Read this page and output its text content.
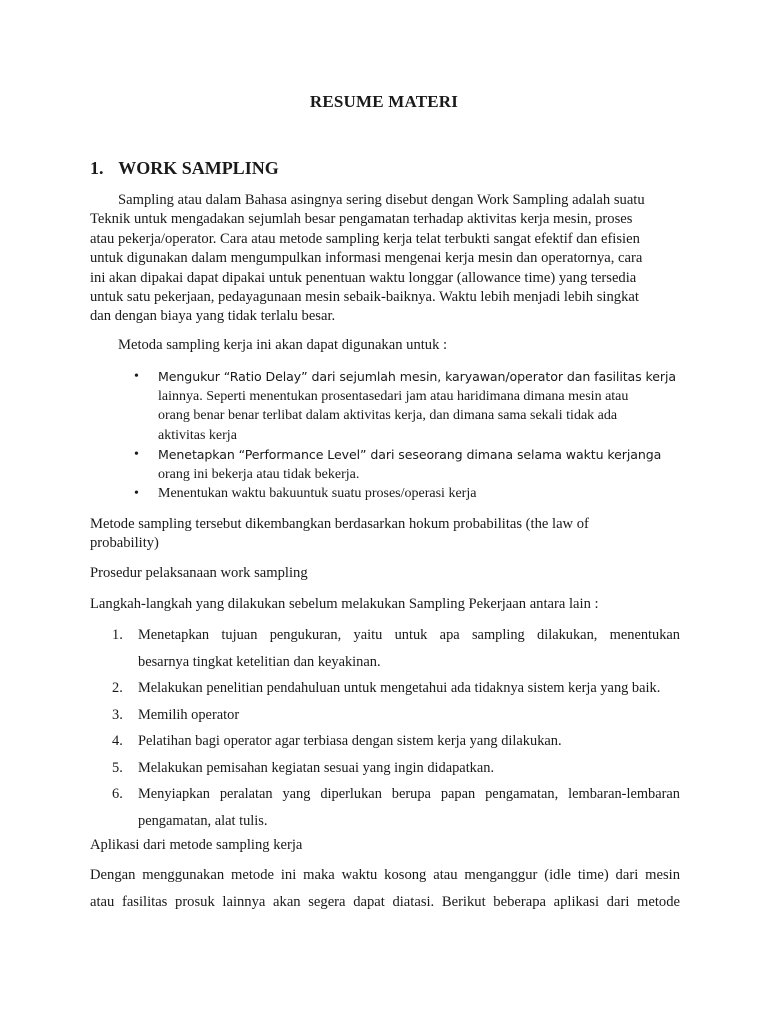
RESUME MATERI
1. WORK SAMPLING
Sampling atau dalam Bahasa asingnya sering disebut dengan Work Sampling adalah suatu
Teknik untuk mengadakan sejumlah besar pengamatan terhadap aktivitas kerja mesin, proses
atau pekerja/operator. Cara atau metode sampling kerja telat terbukti sangat efektif dan efisien
untuk digunakan dalam mengumpulkan informasi mengenai kerja mesin dan operatornya, cara
ini akan dipakai dapat dipakai untuk penentuan waktu longgar (allowance time) yang tersedia
untuk satu pekerjaan, pedayagunaan mesin sebaik-baiknya. Waktu lebih menjadi lebih singkat
dan dengan biaya yang tidak terlalu besar.
Metoda sampling kerja ini akan dapat digunakan untuk :
• Mengukur “Ratio Delay” dari sejumlah mesin, karyawan/operator dan fasilitas kerja
lainnya. Seperti menentukan prosentasedari jam atau haridimana dimana mesin atau
orang benar benar terlibat dalam aktivitas kerja, dan dimana sama sekali tidak ada
aktivitas kerja
• Menetapkan “Performance Level” dari seseorang dimana selama waktu kerjanga
orang ini bekerja atau tidak bekerja.
• Menentukan waktu bakuuntuk suatu proses/operasi kerja
Metode sampling tersebut dikembangkan berdasarkan hokum probabilitas (the law of
probability)
Prosedur pelaksanaan work sampling
Langkah-langkah yang dilakukan sebelum melakukan Sampling Pekerjaan antara lain :
1. Menetapkan tujuan pengukuran, yaitu untuk apa sampling dilakukan, menentukan
besarnya tingkat ketelitian dan keyakinan.
2. Melakukan penelitian pendahuluan untuk mengetahui ada tidaknya sistem kerja yang baik.
3. Memilih operator
4. Pelatihan bagi operator agar terbiasa dengan sistem kerja yang dilakukan.
5. Melakukan pemisahan kegiatan sesuai yang ingin didapatkan.
6. Menyiapkan peralatan yang diperlukan berupa papan pengamatan, lembaran-lembaran
pengamatan, alat tulis.
Aplikasi dari metode sampling kerja
Dengan menggunakan metode ini maka waktu kosong atau menganggur (idle time) dari mesin
atau fasilitas prosuk lainnya akan segera dapat diatasi. Berikut beberapa aplikasi dari metode
